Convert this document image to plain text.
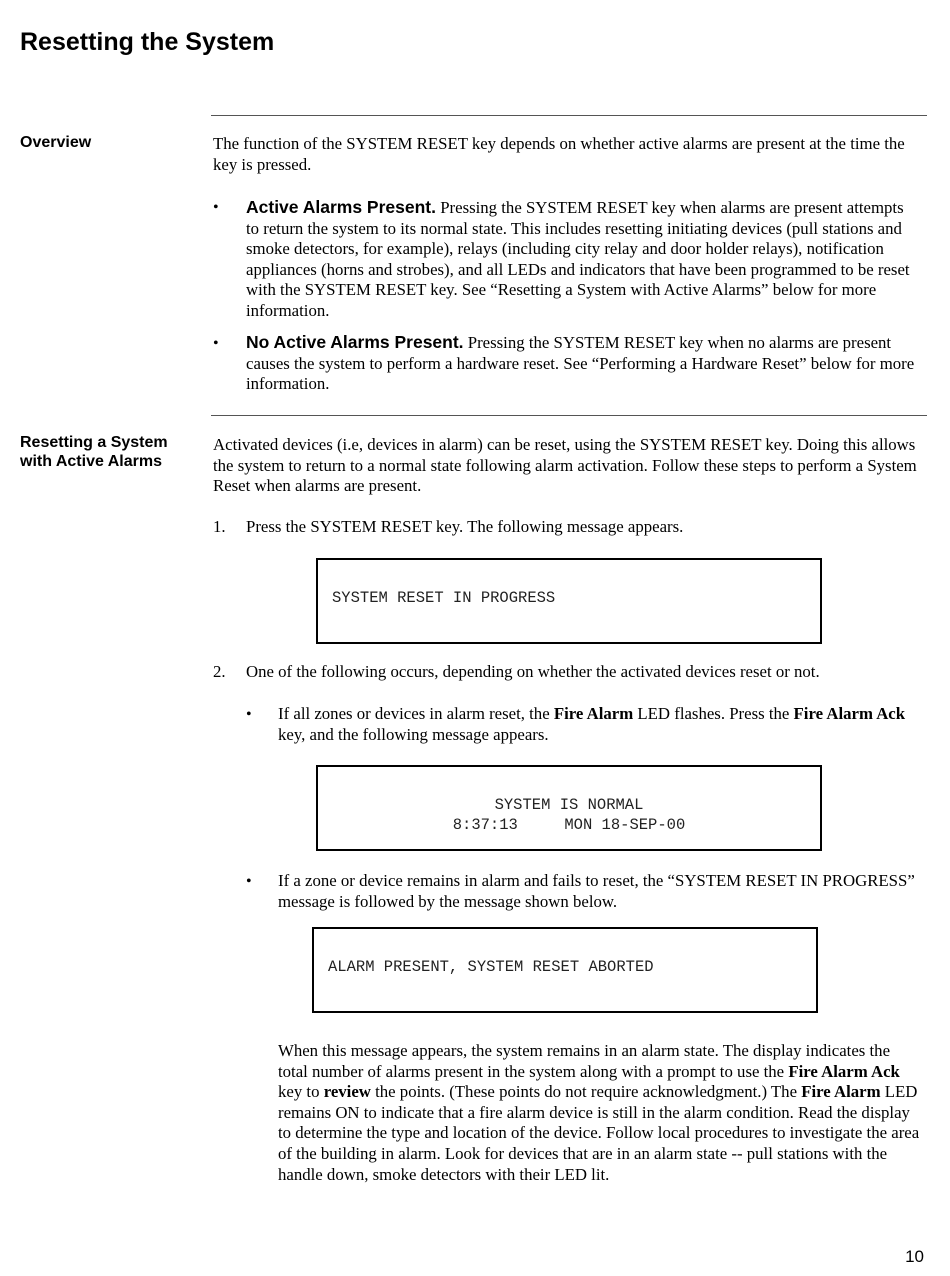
Resetting the System
Overview	The function of the SYSTEM RESET key depends on whether active alarms are present at the time the key is pressed.
• Active Alarms Present. Pressing the SYSTEM RESET key when alarms are present attempts to return the system to its normal state. This includes resetting initiating devices (pull stations and smoke detectors, for example), relays (including city relay and door holder relays), notification appliances (horns and strobes), and all LEDs and indicators that have been programmed to be reset with the SYSTEM RESET key. See “Resetting a System with Active Alarms” below for more information.
• No Active Alarms Present. Pressing the SYSTEM RESET key when no alarms are present causes the system to perform a hardware reset. See “Performing a Hardware Reset” below for more information.
Resetting a System
with Active Alarms
Activated devices (i.e, devices in alarm) can be reset, using the SYSTEM RESET key. Doing this allows the system to return to a normal state following alarm activation. Follow these steps to perform a System Reset when alarms are present.
1. Press the SYSTEM RESET key. The following message appears.
SYSTEM RESET IN PROGRESS
2. One of the following occurs, depending on whether the activated devices reset or not.
• If all zones or devices in alarm reset, the Fire Alarm LED flashes. Press the Fire Alarm Ack key, and the following message appears.
SYSTEM IS NORMAL
8:37:13     MON 18-SEP-00
• If a zone or device remains in alarm and fails to reset, the “SYSTEM RESET IN PROGRESS” message is followed by the message shown below.
ALARM PRESENT, SYSTEM RESET ABORTED
When this message appears, the system remains in an alarm state. The display indicates the total number of alarms present in the system along with a prompt to use the Fire Alarm Ack key to review the points. (These points do not require acknowledgment.) The Fire Alarm LED remains ON to indicate that a fire alarm device is still in the alarm condition. Read the display to determine the type and location of the device. Follow local procedures to investigate the area of the building in alarm. Look for devices that are in an alarm state -- pull stations with the handle down, smoke detectors with their LED lit.
10
